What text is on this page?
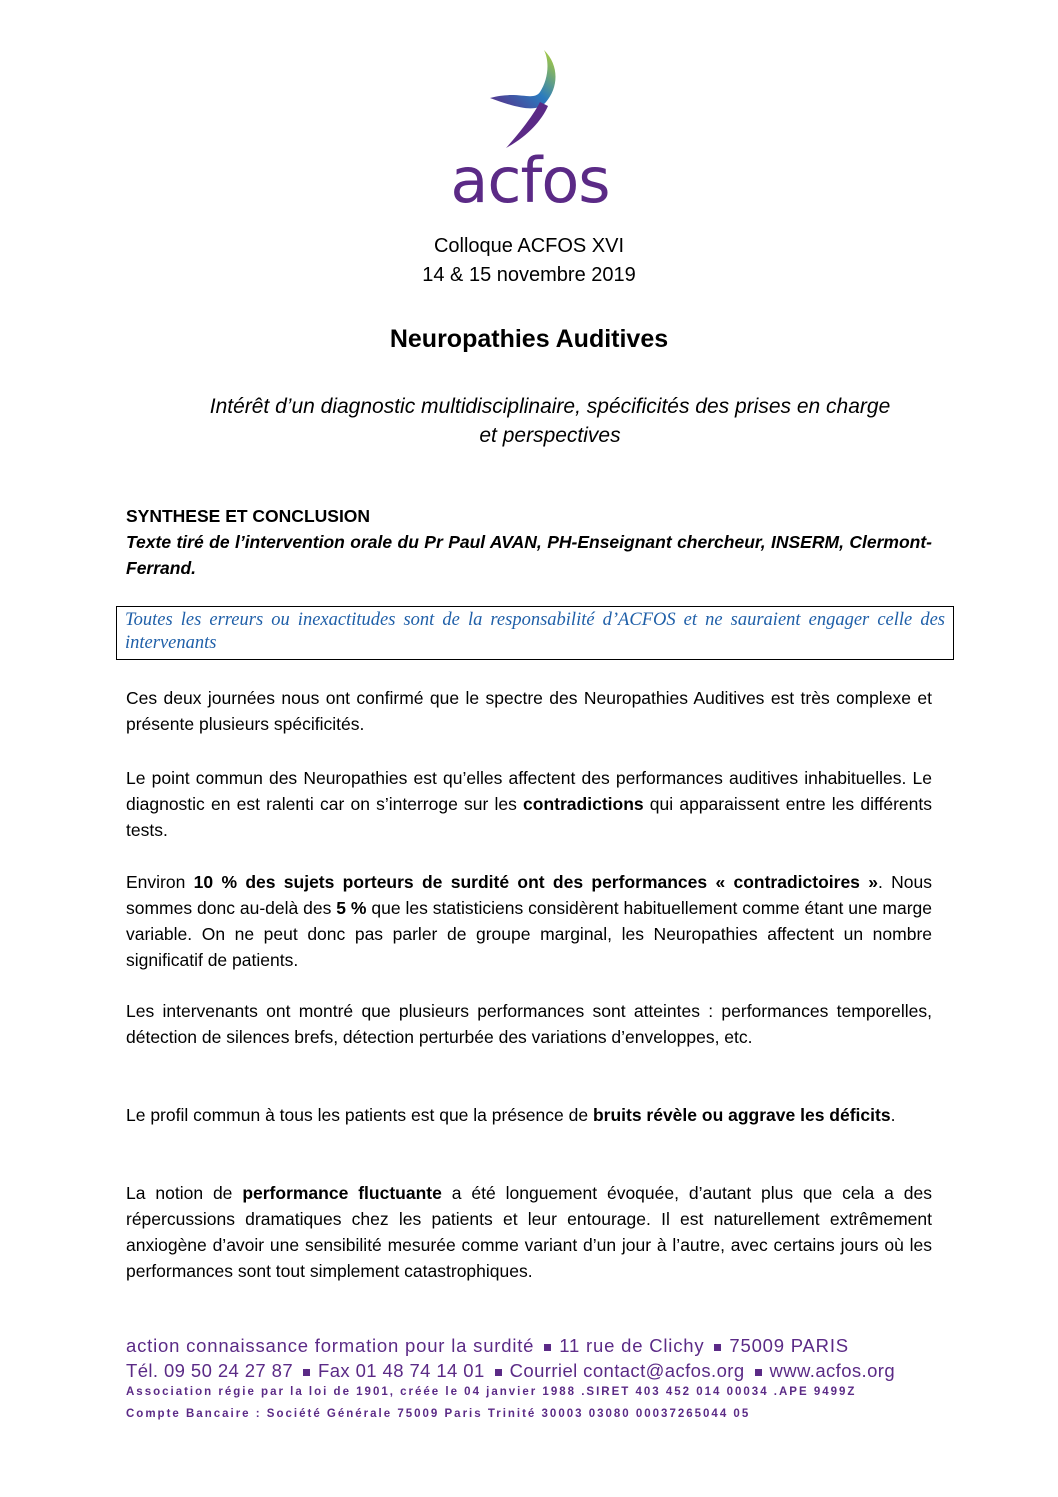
acfos
Colloque ACFOS XVI
14 & 15 novembre 2019
Neuropathies Auditives
Intérêt d’un diagnostic multidisciplinaire, spécificités des prises en charge
et perspectives
SYNTHESE ET CONCLUSION
Texte tiré de l’intervention orale du Pr Paul AVAN, PH-Enseignant chercheur, INSERM, Clermont-Ferrand.
Toutes les erreurs ou inexactitudes sont de la responsabilité d’ACFOS et ne sauraient engager celle des intervenants

Ces deux journées nous ont confirmé que le spectre des Neuropathies Auditives est très complexe et présente plusieurs spécificités.

Le point commun des Neuropathies est qu’elles affectent des performances auditives inhabituelles. Le diagnostic en est ralenti car on s’interroge sur les contradictions qui apparaissent entre les différents tests.

Environ 10 % des sujets porteurs de surdité ont des performances « contradictoires ». Nous sommes donc au-delà des 5 % que les statisticiens considèrent habituellement comme étant une marge variable. On ne peut donc pas parler de groupe marginal, les Neuropathies affectent un nombre significatif de patients.

Les intervenants ont montré que plusieurs performances sont atteintes : performances temporelles, détection de silences brefs, détection perturbée des variations d’enveloppes, etc.

Le profil commun à tous les patients est que la présence de bruits révèle ou aggrave les déficits.

La notion de performance fluctuante a été longuement évoquée, d’autant plus que cela a des répercussions dramatiques chez les patients et leur entourage. Il est naturellement extrêmement anxiogène d’avoir une sensibilité mesurée comme variant d’un jour à l’autre, avec certains jours où les performances sont tout simplement catastrophiques.

action connaissance formation pour la surdité 11 rue de Clichy 75009 PARIS
Tél. 09 50 24 27 87 Fax 01 48 74 14 01 Courriel contact@acfos.org www.acfos.org
Association régie par la loi de 1901, créée le 04 janvier 1988 .SIRET 403 452 014 00034 .APE 9499Z
Compte Bancaire : Société Générale 75009 Paris Trinité 30003 03080 00037265044 05
